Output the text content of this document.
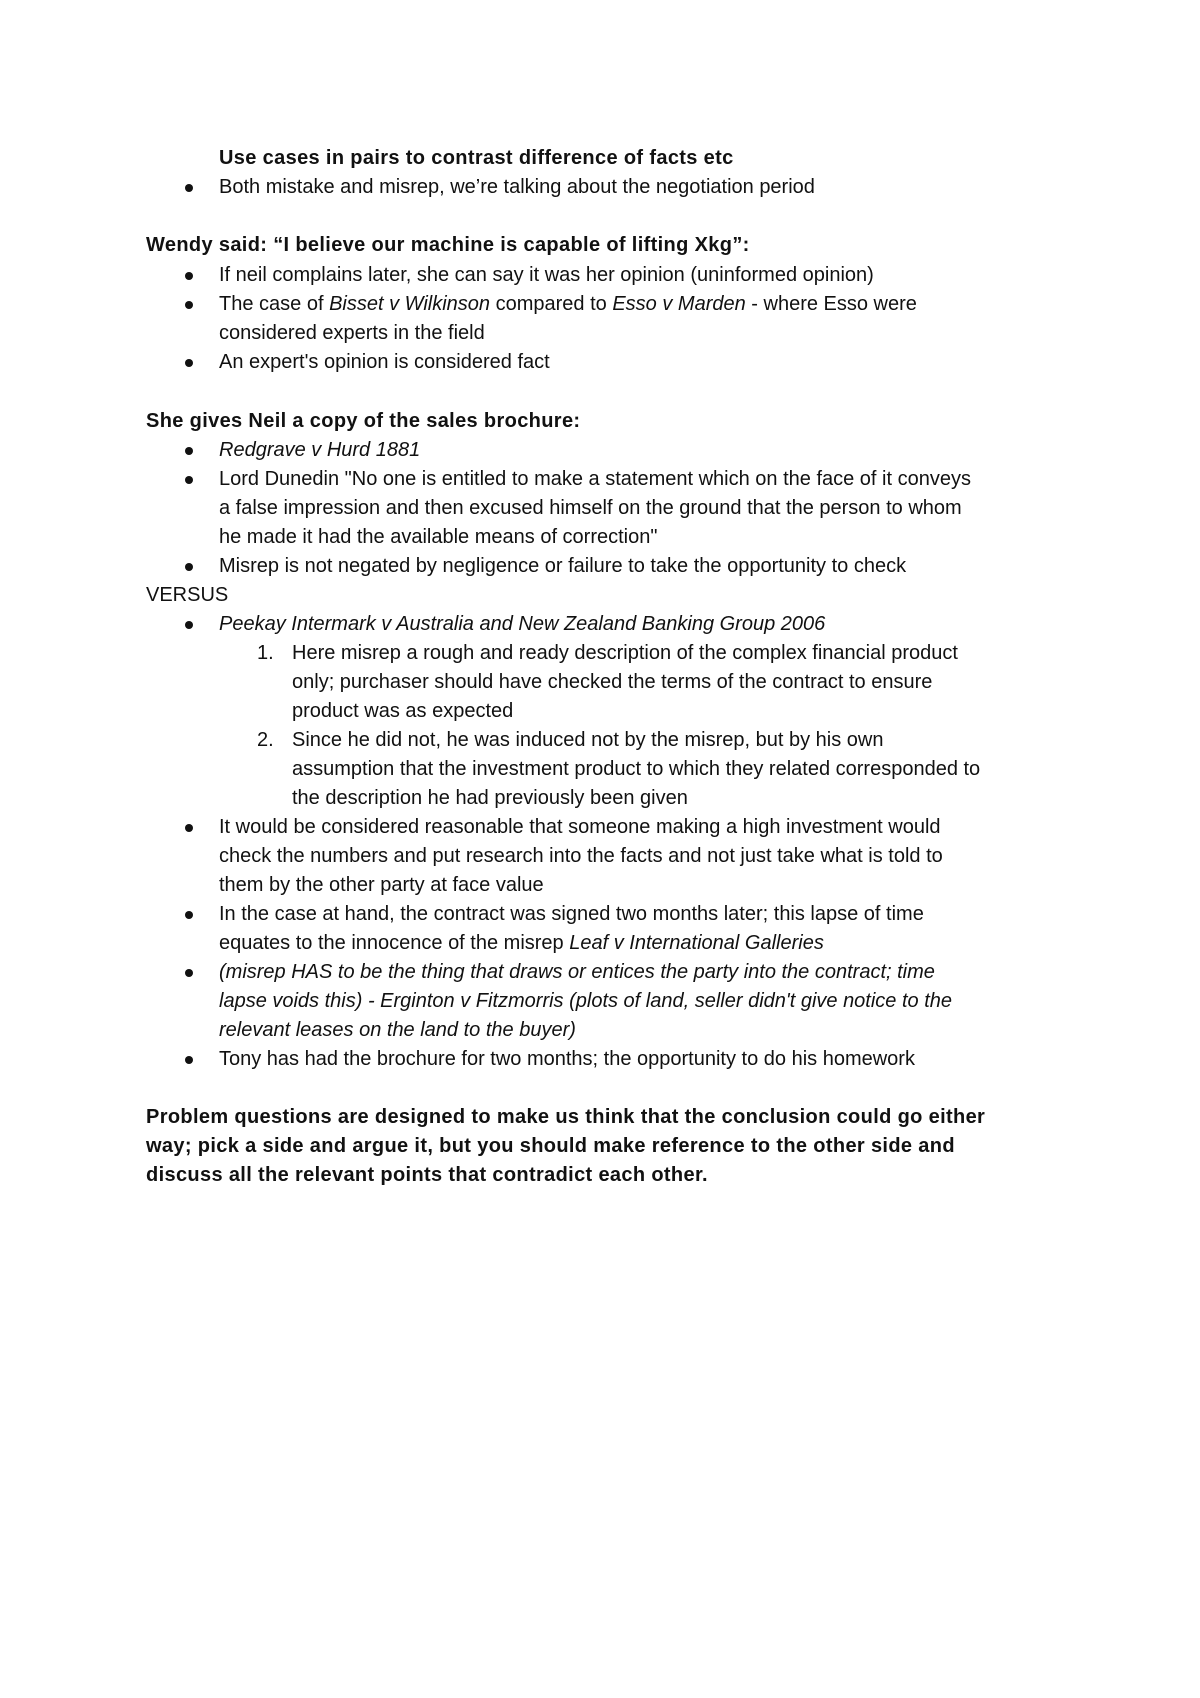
Use cases in pairs to contrast difference of facts etc
Both mistake and misrep, we’re talking about the negotiation period
Wendy said: “I believe our machine is capable of lifting Xkg”:
If neil complains later, she can say it was her opinion (uninformed opinion)
The case of Bisset v Wilkinson compared to Esso v Marden - where Esso were
considered experts in the field
An expert's opinion is considered fact
She gives Neil a copy of the sales brochure:
Redgrave v Hurd 1881
Lord Dunedin "No one is entitled to make a statement which on the face of it conveys
a false impression and then excused himself on the ground that the person to whom
he made it had the available means of correction"
Misrep is not negated by negligence or failure to take the opportunity to check
VERSUS
Peekay Intermark v Australia and New Zealand Banking Group 2006
1. Here misrep a rough and ready description of the complex financial product
only; purchaser should have checked the terms of the contract to ensure
product was as expected
2. Since he did not, he was induced not by the misrep, but by his own
assumption that the investment product to which they related corresponded to
the description he had previously been given
It would be considered reasonable that someone making a high investment would
check the numbers and put research into the facts and not just take what is told to
them by the other party at face value
In the case at hand, the contract was signed two months later; this lapse of time
equates to the innocence of the misrep Leaf v International Galleries
(misrep HAS to be the thing that draws or entices the party into the contract; time
lapse voids this) - Erginton v Fitzmorris (plots of land, seller didn't give notice to the
relevant leases on the land to the buyer)
Tony has had the brochure for two months; the opportunity to do his homework
Problem questions are designed to make us think that the conclusion could go either
way; pick a side and argue it, but you should make reference to the other side and
discuss all the relevant points that contradict each other.
